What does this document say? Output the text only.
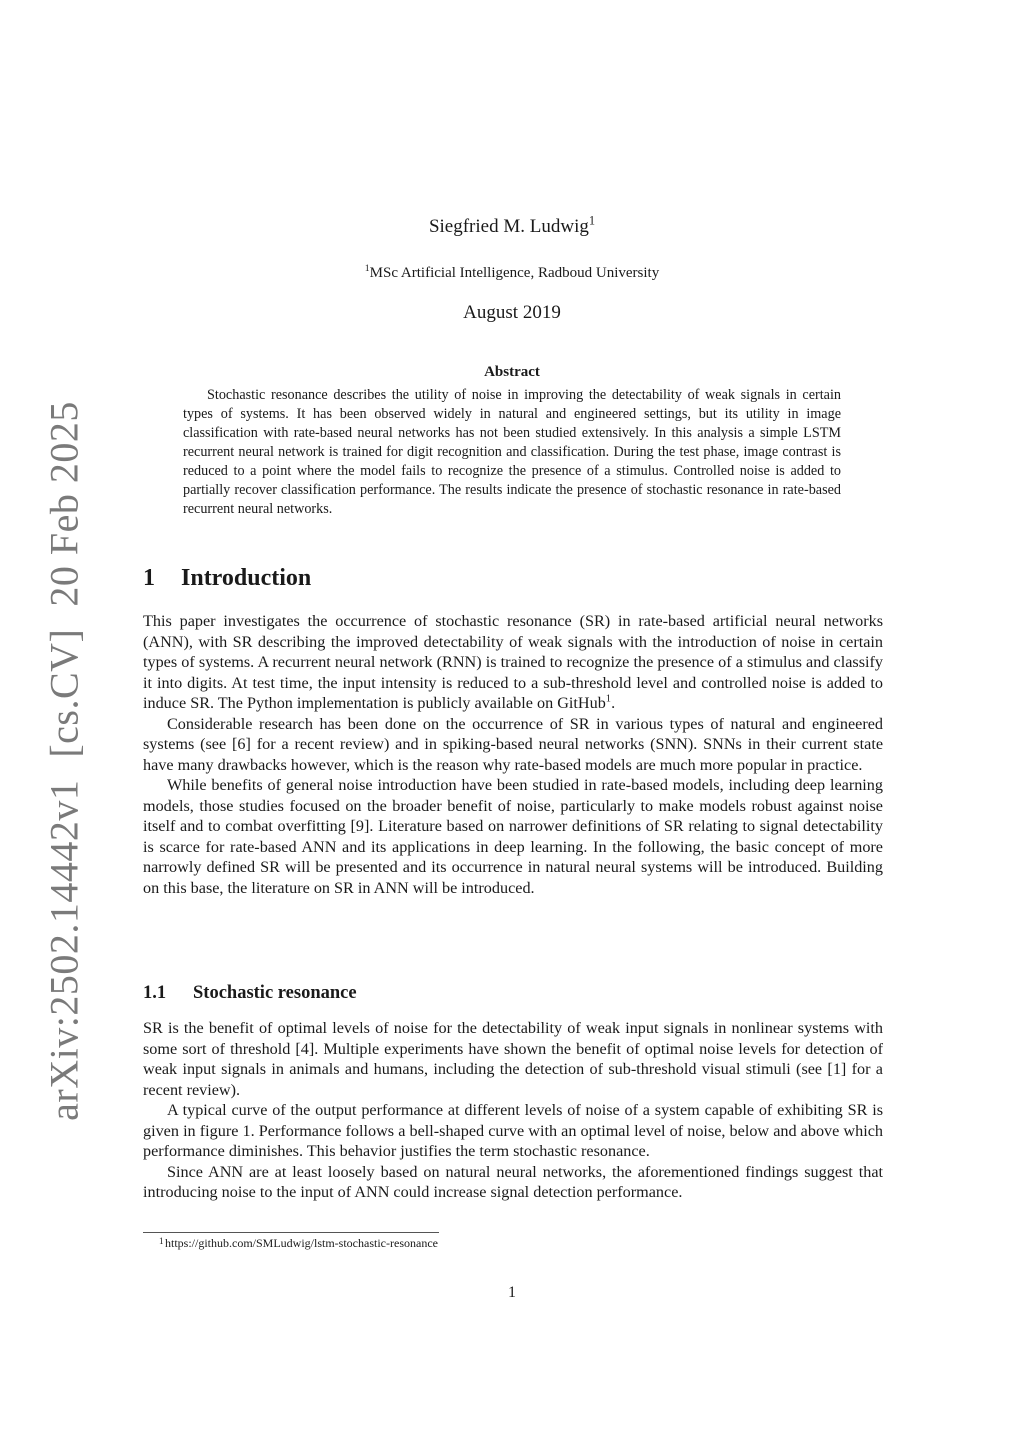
arXiv:2502.14442v1[cs.CV]20 Feb 2025
Siegfried M. Ludwig$^1$
$^1$MSc Artificial Intelligence, Radboud University
August 2019
Abstract

Stochastic resonance describes the utility of noise in improving the detectability of weak signals in certain types of systems. It has been observed widely in natural and engineered settings, but its utility in image classification with rate-based neural networks has not been studied extensively. In this analysis a simple LSTM recurrent neural network is trained for digit recognition and classification. During the test phase, image contrast is reduced to a point where the model fails to recognize the presence of a stimulus. Controlled noise is added to partially recover classification performance. The results indicate the presence of stochastic resonance in rate-based recurrent neural networks.

1 Introduction

This paper investigates the occurrence of stochastic resonance (SR) in rate-based artificial neural networks (ANN), with SR describing the improved detectability of weak signals with the introduction of noise in certain types of systems. A recurrent neural network (RNN) is trained to recognize the presence of a stimulus and classify it into digits. At test time, the input intensity is reduced to a sub-threshold level and controlled noise is added to induce SR. The Python implementation is publicly available on GitHub$^1$.

Considerable research has been done on the occurrence of SR in various types of natural and engineered systems (see [6] for a recent review) and in spiking-based neural networks (SNN). SNNs in their current state have many drawbacks however, which is the reason why rate-based models are much more popular in practice.

While benefits of general noise introduction have been studied in rate-based models, including deep learning models, those studies focused on the broader benefit of noise, particularly to make models robust against noise itself and to combat overfitting [9]. Literature based on narrower definitions of SR relating to signal detectability is scarce for rate-based ANN and its applications in deep learning. In the following, the basic concept of more narrowly defined SR will be presented and its occurrence in natural neural systems will be introduced. Building on this base, the literature on SR in ANN will be introduced.

1.1 Stochastic resonance

SR is the benefit of optimal levels of noise for the detectability of weak input signals in nonlinear systems with some sort of threshold [4]. Multiple experiments have shown the benefit of optimal noise levels for detection of weak input signals in animals and humans, including the detection of sub-threshold visual stimuli (see [1] for a recent review).

A typical curve of the output performance at different levels of noise of a system capable of exhibiting SR is given in figure 1. Performance follows a bell-shaped curve with an optimal level of noise, below and above which performance diminishes. This behavior justifies the term stochastic resonance.

Since ANN are at least loosely based on natural neural networks, the aforementioned findings suggest that introducing noise to the input of ANN could increase signal detection performance.

1 https://github.com/SMLudwig/lstm-stochastic-resonance
1
